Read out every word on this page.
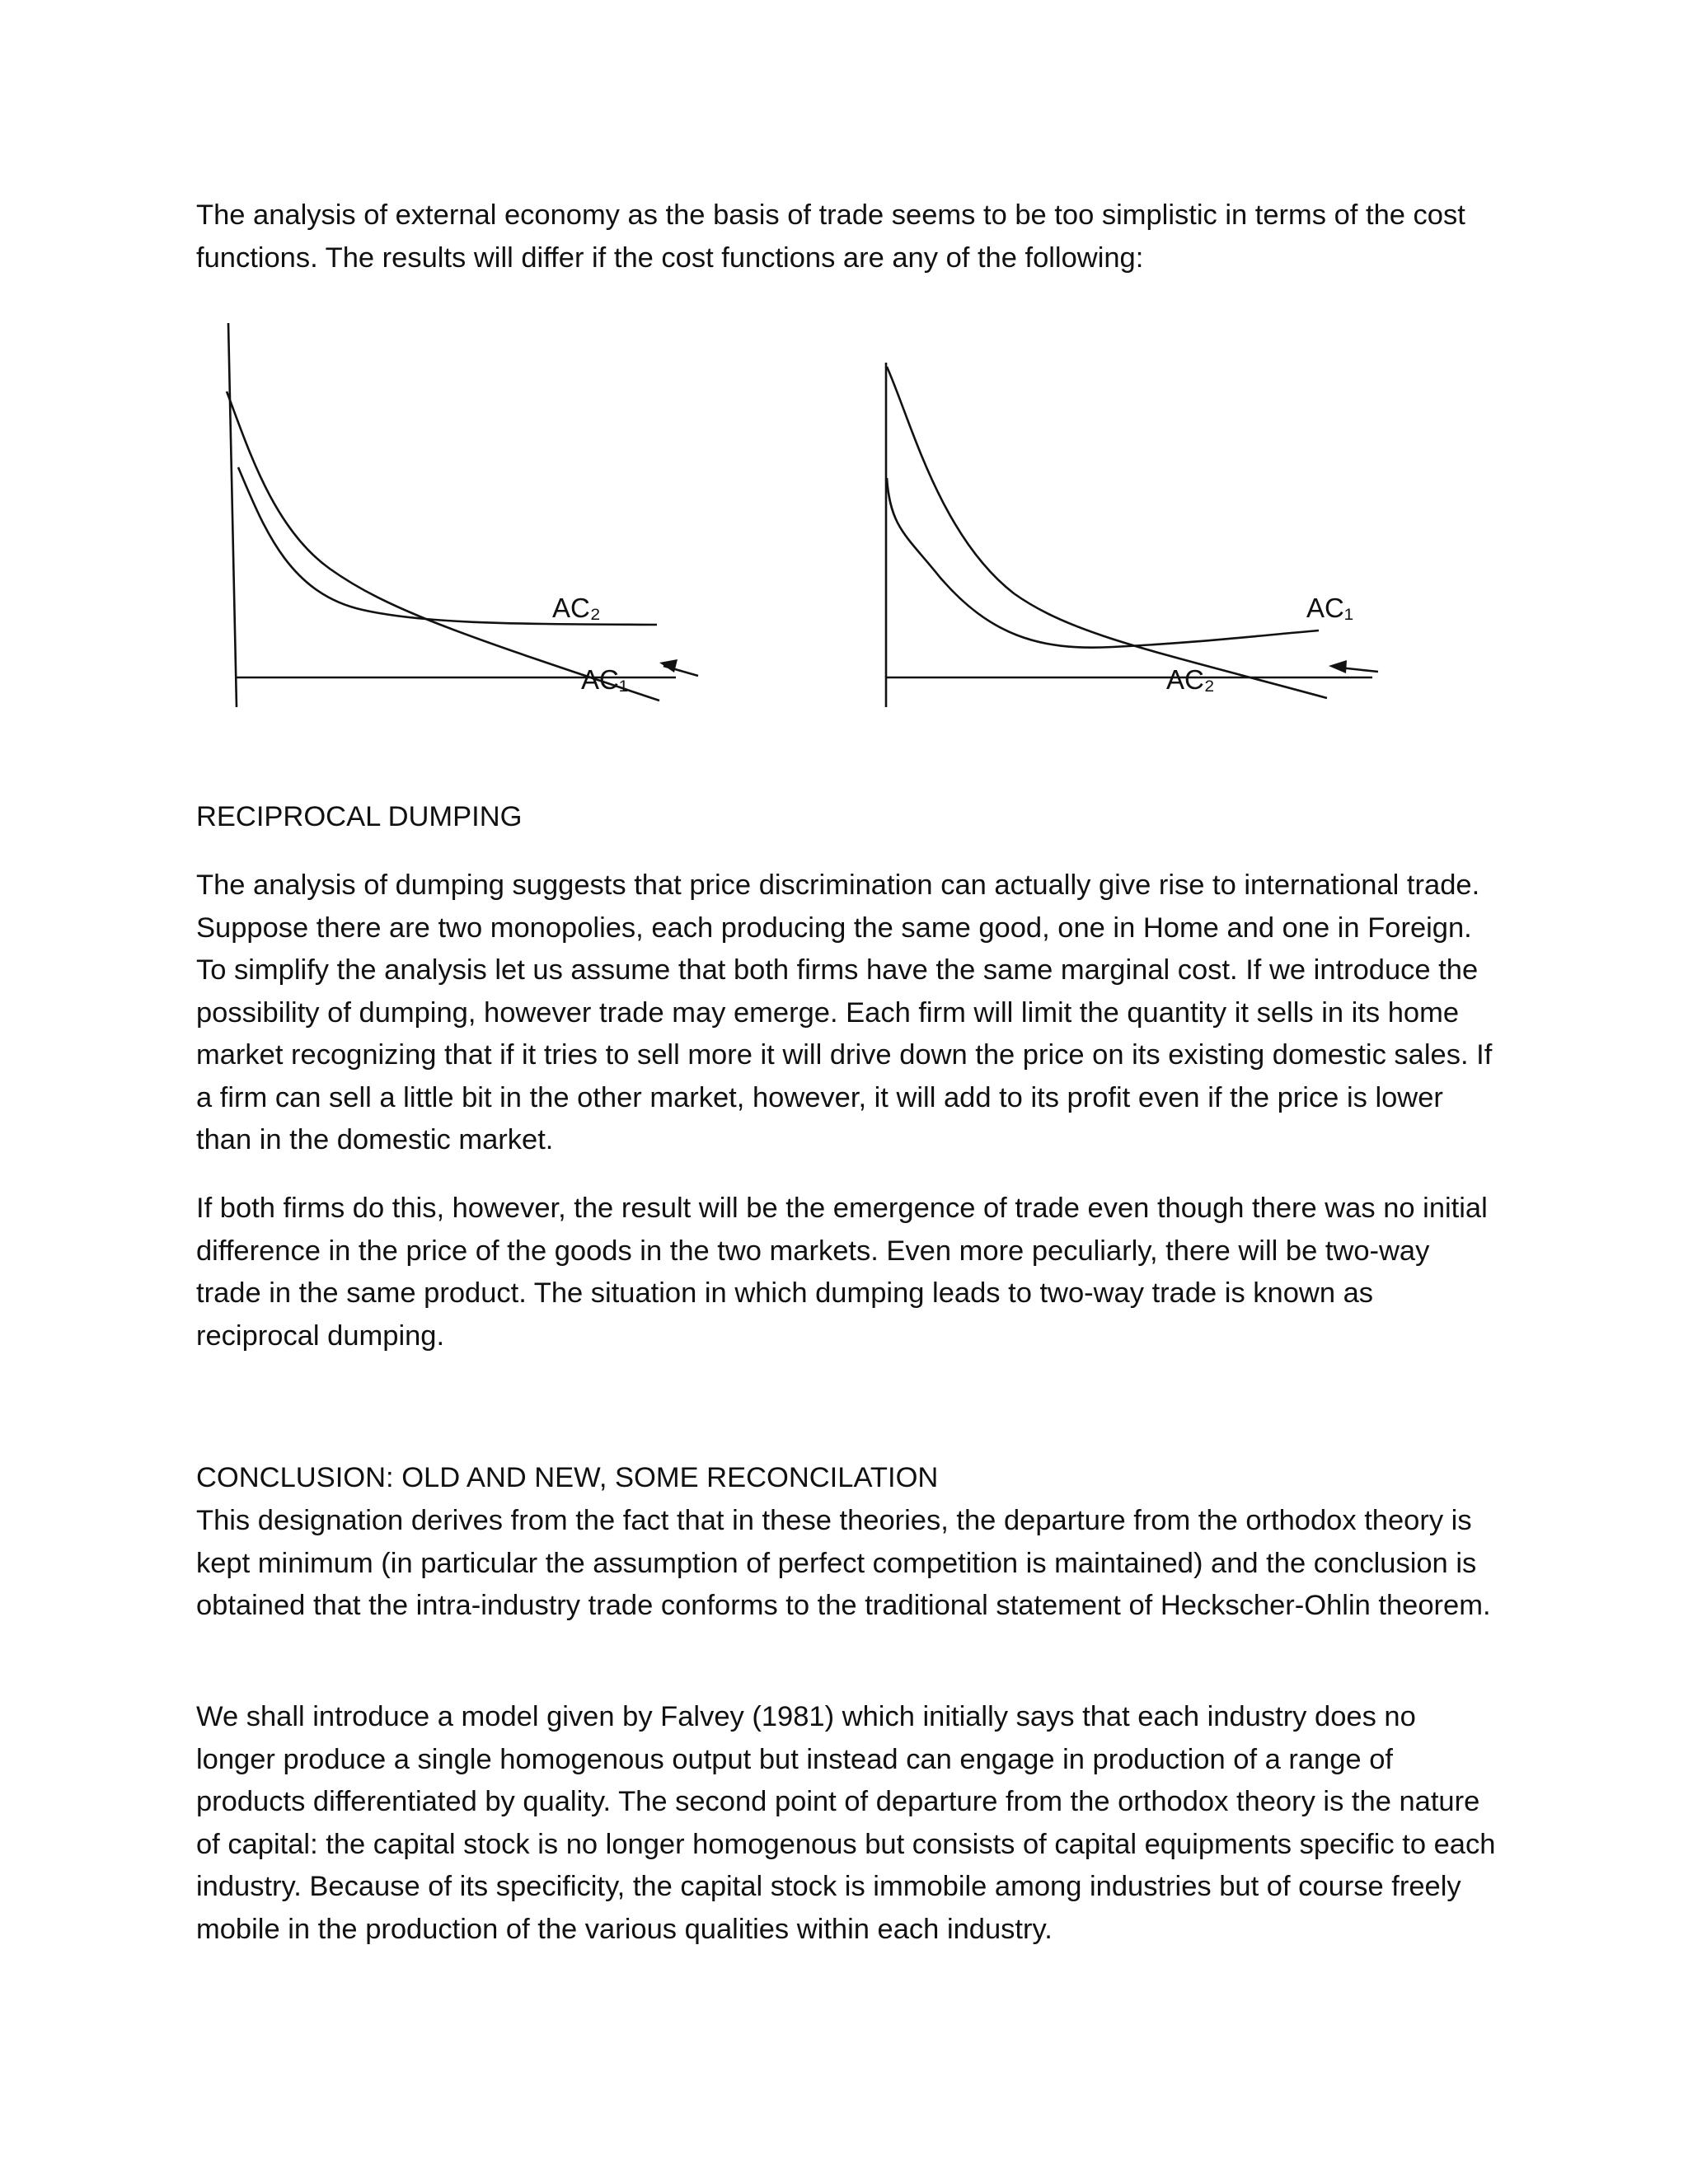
The analysis of external economy as the basis of trade seems to be too simplistic in terms of the cost functions. The results will differ if the cost functions are any of the following:

AC₂
AC₁
AC₁
AC₂
RECIPROCAL DUMPING

The analysis of dumping suggests that price discrimination can actually give rise to international trade. Suppose there are two monopolies, each producing the same good, one in Home and one in Foreign. To simplify the analysis let us assume that both firms have the same marginal cost. If we introduce the possibility of dumping, however trade may emerge. Each firm will limit the quantity it sells in its home market recognizing that if it tries to sell more it will drive down the price on its existing domestic sales. If a firm can sell a little bit in the other market, however, it will add to its profit even if the price is lower than in the domestic market.

If both firms do this, however, the result will be the emergence of trade even though there was no initial difference in the price of the goods in the two markets. Even more peculiarly, there will be two-way trade in the same product. The situation in which dumping leads to two-way trade is known as reciprocal dumping.

CONCLUSION: OLD AND NEW, SOME RECONCILATION

This designation derives from the fact that in these theories, the departure from the orthodox theory is kept minimum (in particular the assumption of perfect competition is maintained) and the conclusion is obtained that the intra-industry trade conforms to the traditional statement of Heckscher-Ohlin theorem.

We shall introduce a model given by Falvey (1981) which initially says that each industry does no longer produce a single homogenous output but instead can engage in production of a range of products differentiated by quality. The second point of departure from the orthodox theory is the nature of capital: the capital stock is no longer homogenous but consists of capital equipments specific to each industry. Because of its specificity, the capital stock is immobile among industries but of course freely mobile in the production of the various qualities within each industry.
